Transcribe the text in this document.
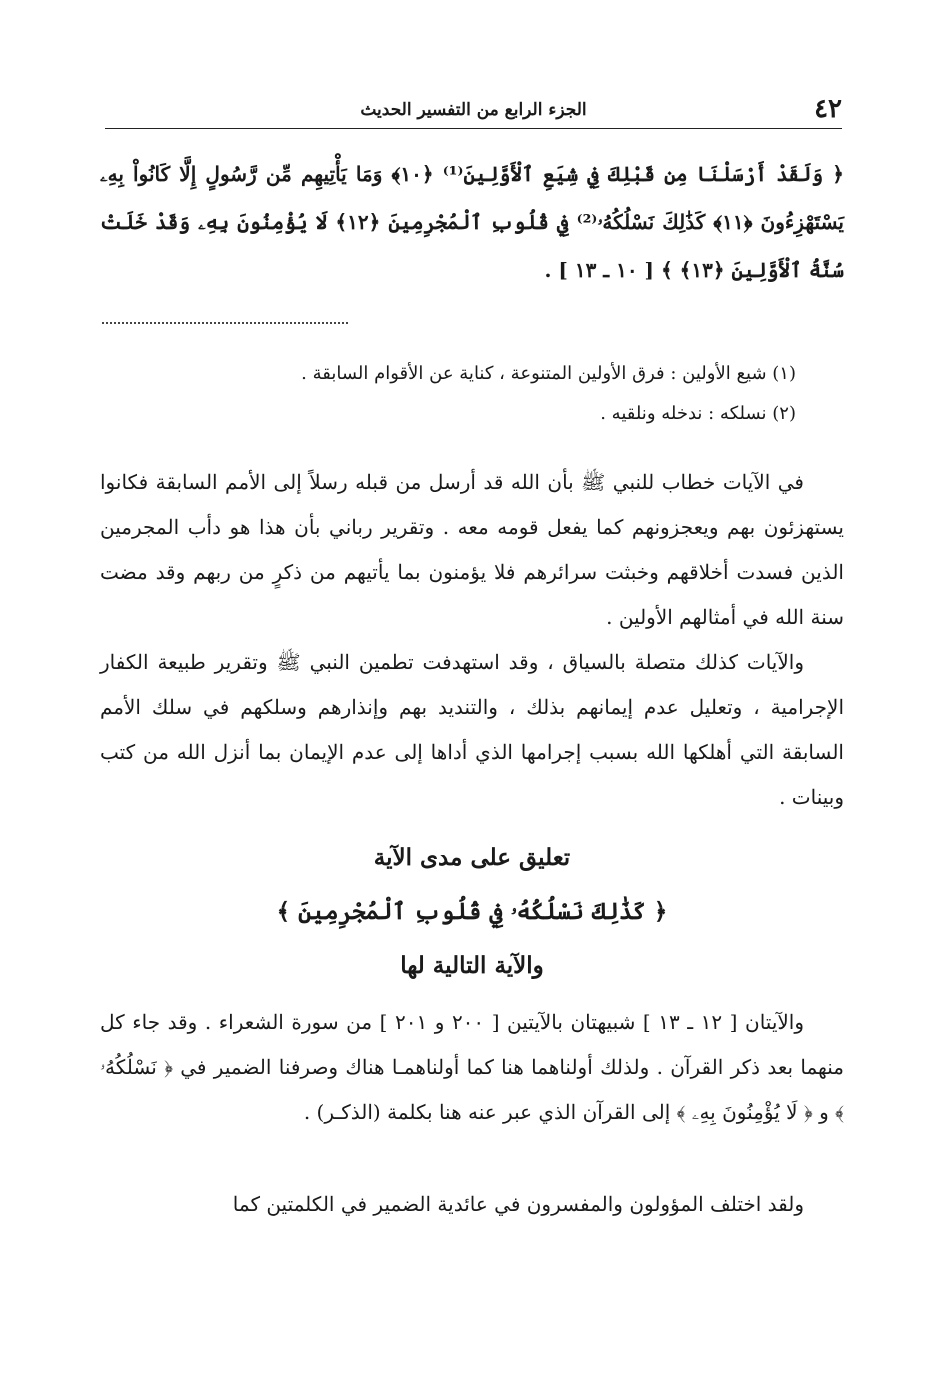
٤٢
الجزء الرابع من التفسير الحديث
﴿ وَلَقَدْ أَرْسَلْنَا مِن قَبْلِكَ فِي شِيَعِ ٱلْأَوَّلِينَ⁽¹⁾ ﴿١٠﴾ وَمَا يَأْتِيهِم مِّن رَّسُولٍ إِلَّا كَانُواْ بِهِۦ يَسْتَهْزِءُونَ ﴿١١﴾ كَذَٰلِكَ نَسْلُكُهُۥ⁽²⁾ فِي قُلُوبِ ٱلْمُجْرِمِينَ ﴿١٢﴾ لَا يُؤْمِنُونَ بِهِۦ وَقَدْ خَلَتْ سُنَّةُ ٱلْأَوَّلِينَ ﴿١٣﴾ ﴾ [ ١٠ ـ ١٣ ] .
(١) شيع الأولين : فرق الأولين المتنوعة ، كناية عن الأقوام السابقة .
(٢) نسلكه : ندخله ونلقيه .
في الآيات خطاب للنبي ﷺ بأن الله قد أرسل من قبله رسلاً إلى الأمم السابقة فكانوا يستهزئون بهم ويعجزونهم كما يفعل قومه معه . وتقرير رباني بأن هذا هو دأب المجرمين الذين فسدت أخلاقهم وخبثت سرائرهم فلا يؤمنون بما يأتيهم من ذكرٍ من ربهم وقد مضت سنة الله في أمثالهم الأولين .
والآيات كذلك متصلة بالسياق ، وقد استهدفت تطمين النبي ﷺ وتقرير طبيعة الكفار الإجرامية ، وتعليل عدم إيمانهم بذلك ، والتنديد بهم وإنذارهم وسلكهم في سلك الأمم السابقة التي أهلكها الله بسبب إجرامها الذي أداها إلى عدم الإيمان بما أنزل الله من كتب وبينات .
تعليق على مدى الآية
﴿ كَذَٰلِكَ نَسْلُكُهُۥ فِي قُلُوبِ ٱلْمُجْرِمِينَ ﴾
والآية التالية لها
والآيتان [ ١٢ ـ ١٣ ] شبيهتان بالآيتين [ ٢٠٠ و ٢٠١ ] من سورة الشعراء . وقد جاء كل منهما بعد ذكر القرآن . ولذلك أولناهما هنا كما أولناهمـا هناك وصرفنا الضمير في ﴿ نَسْلُكُهُۥ ﴾ و ﴿ لَا يُؤْمِنُونَ بِهِۦ ﴾ إلى القرآن الذي عبر عنه هنا بكلمة (الذكـر) .
ولقد اختلف المؤولون والمفسرون في عائدية الضمير في الكلمتين كما
